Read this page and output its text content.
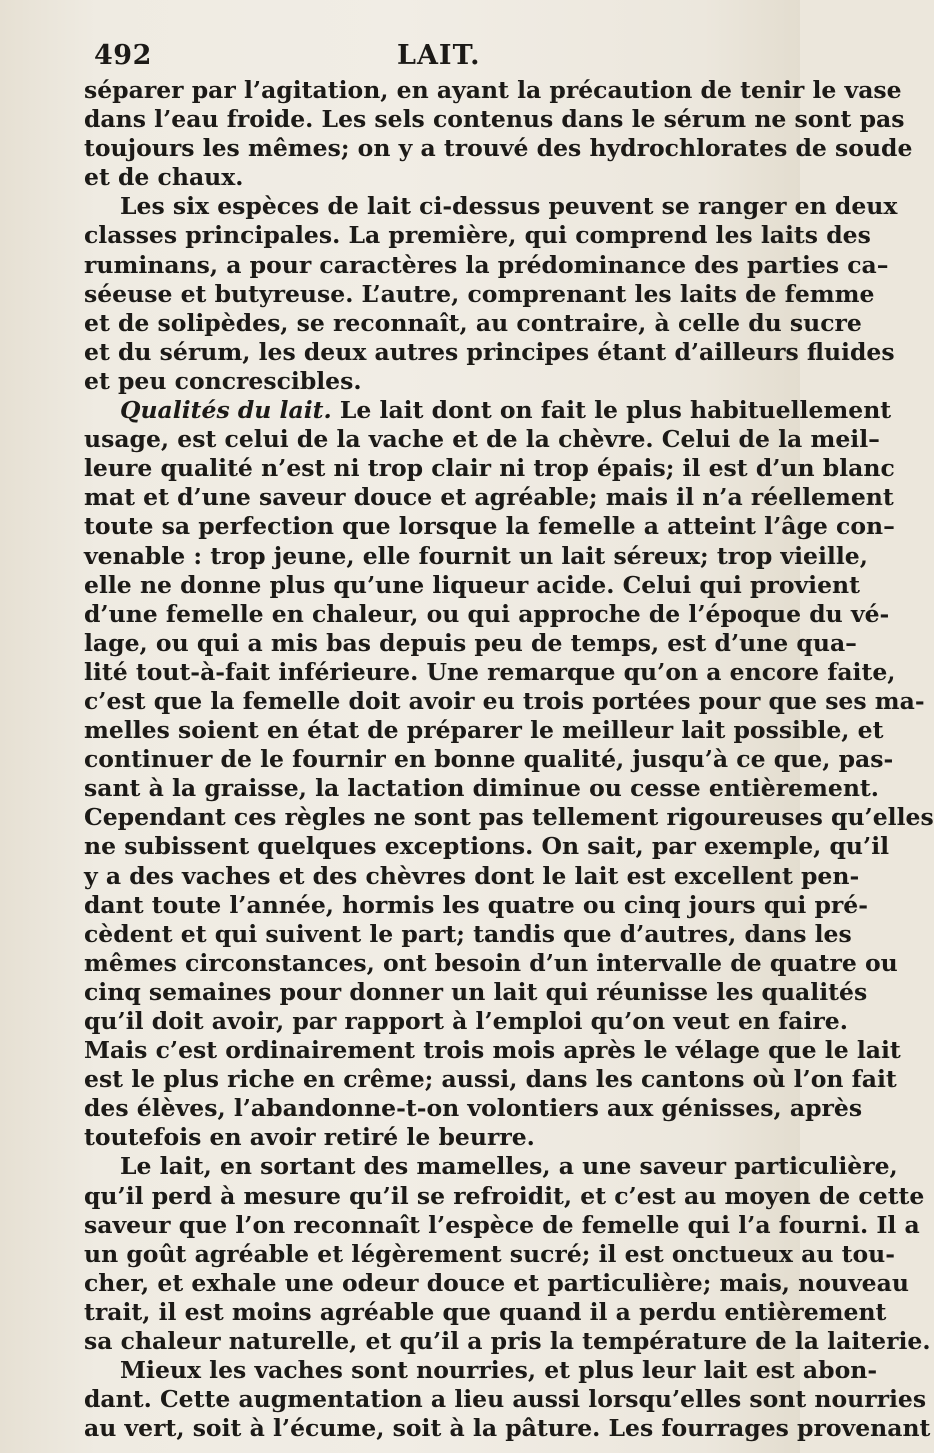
492	LAIT.
séparer par l’agitation, en ayant la précaution de tenir le vase
dans l’eau froide. Les sels contenus dans le sérum ne sont pas
toujours les mêmes; on y a trouvé des hydrochlorates de soude
et de chaux.
Les six espèces de lait ci-dessus peuvent se ranger en deux
classes principales. La première, qui comprend les laits des
ruminans, a pour caractères la prédominance des parties ca–
séeuse et butyreuse. L’autre, comprenant les laits de femme
et de solipèdes, se reconnaît, au contraire, à celle du sucre
et du sérum, les deux autres principes étant d’ailleurs fluides
et peu concrescibles.
Qualités du lait. Le lait dont on fait le plus habituellement
usage, est celui de la vache et de la chèvre. Celui de la meil–
leure qualité n’est ni trop clair ni trop épais; il est d’un blanc
mat et d’une saveur douce et agréable; mais il n’a réellement
toute sa perfection que lorsque la femelle a atteint l’âge con–
venable : trop jeune, elle fournit un lait séreux; trop vieille,
elle ne donne plus qu’une liqueur acide. Celui qui provient
d’une femelle en chaleur, ou qui approche de l’époque du vé-
lage, ou qui a mis bas depuis peu de temps, est d’une qua–
lité tout-à-fait inférieure. Une remarque qu’on a encore faite,
c’est que la femelle doit avoir eu trois portées pour que ses ma-
melles soient en état de préparer le meilleur lait possible, et
continuer de le fournir en bonne qualité, jusqu’à ce que, pas-
sant à la graisse, la lactation diminue ou cesse entièrement.
Cependant ces règles ne sont pas tellement rigoureuses qu’elles
ne subissent quelques exceptions. On sait, par exemple, qu’il
y a des vaches et des chèvres dont le lait est excellent pen-
dant toute l’année, hormis les quatre ou cinq jours qui pré-
cèdent et qui suivent le part; tandis que d’autres, dans les
mêmes circonstances, ont besoin d’un intervalle de quatre ou
cinq semaines pour donner un lait qui réunisse les qualités
qu’il doit avoir, par rapport à l’emploi qu’on veut en faire.
Mais c’est ordinairement trois mois après le vélage que le lait
est le plus riche en crême; aussi, dans les cantons où l’on fait
des élèves, l’abandonne-t-on volontiers aux génisses, après
toutefois en avoir retiré le beurre.
Le lait, en sortant des mamelles, a une saveur particulière,
qu’il perd à mesure qu’il se refroidit, et c’est au moyen de cette
saveur que l’on reconnaît l’espèce de femelle qui l’a fourni. Il a
un goût agréable et légèrement sucré; il est onctueux au tou-
cher, et exhale une odeur douce et particulière; mais, nouveau
trait, il est moins agréable que quand il a perdu entièrement
sa chaleur naturelle, et qu’il a pris la température de la laiterie.
Mieux les vaches sont nourries, et plus leur lait est abon-
dant. Cette augmentation a lieu aussi lorsqu’elles sont nourries
au vert, soit à l’écume, soit à la pâture. Les fourrages provenant
